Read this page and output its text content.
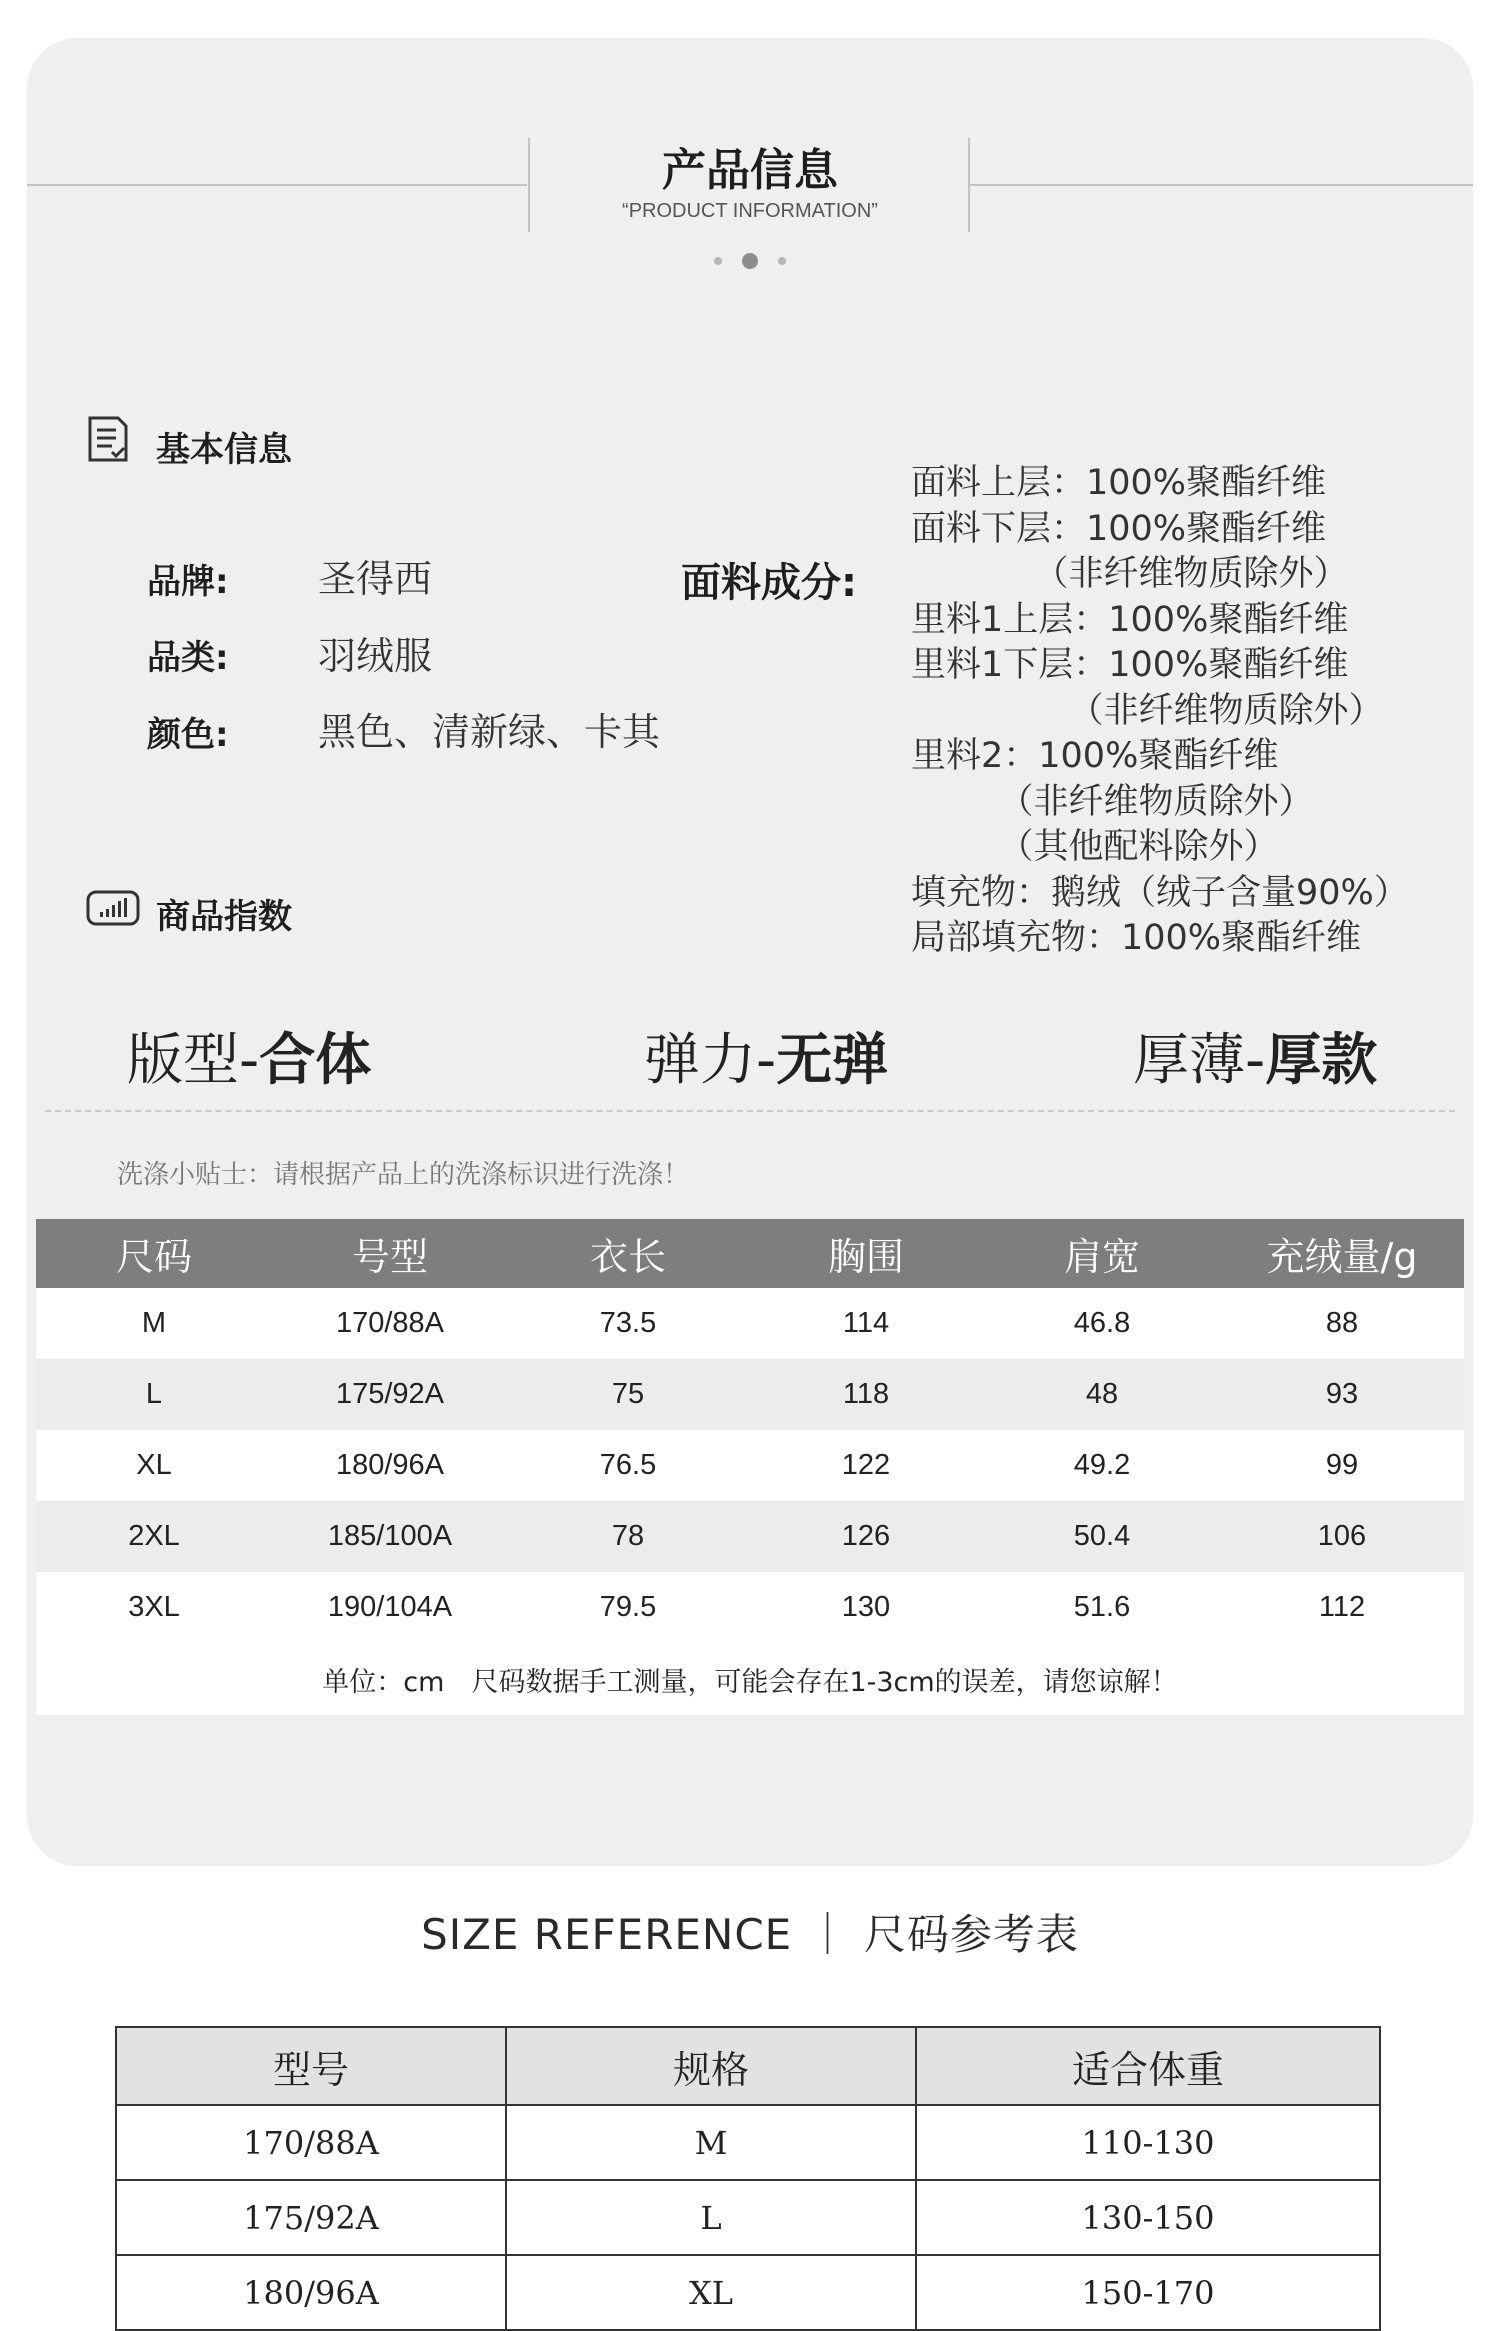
产品信息
“PRODUCT INFORMATION”
基本信息
品牌: 圣得西
品类: 羽绒服
颜色: 黑色、清新绿、卡其
面料成分:
面料上层：100%聚酯纤维
面料下层：100%聚酯纤维
　　　　（非纤维物质除外）
里料1上层：100%聚酯纤维
里料1下层：100%聚酯纤维
　　　　　（非纤维物质除外）
里料2：100%聚酯纤维
　　　（非纤维物质除外）
　　　（其他配料除外）
填充物：鹅绒（绒子含量90%）
局部填充物：100%聚酯纤维
商品指数
版型-合体	弹力-无弹	厚薄-厚款
洗涤小贴士：请根据产品上的洗涤标识进行洗涤！
尺码	号型	衣长	胸围	肩宽	充绒量/g
M	170/88A	73.5	114	46.8	88
L	175/92A	75	118	48	93
XL	180/96A	76.5	122	49.2	99
2XL	185/100A	78	126	50.4	106
3XL	190/104A	79.5	130	51.6	112
单位：cm　尺码数据手工测量，可能会存在1-3cm的误差，请您谅解！
SIZE REFERENCE ｜ 尺码参考表
型号	规格	适合体重
170/88A	M	110-130
175/92A	L	130-150
180/96A	XL	150-170
